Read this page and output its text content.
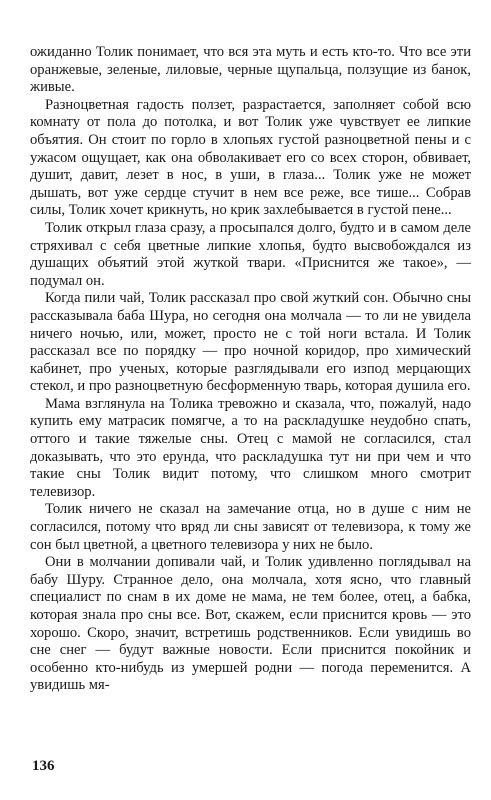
ожиданно Толик понимает, что вся эта муть и есть кто-то. Что все эти оранжевые, зеленые, лиловые, черные щупальца, ползущие из банок, живые.

Разноцветная гадость ползет, разрастается, заполняет собой всю комнату от пола до потолка, и вот Толик уже чувствует ее липкие объятия. Он стоит по горло в хлопьях густой разноцветной пены и с ужасом ощущает, как она обволакивает его со всех сторон, обвивает, душит, давит, лезет в нос, в уши, в глаза... Толик уже не может дышать, вот уже сердце стучит в нем все реже, все тише... Собрав силы, Толик хочет крикнуть, но крик захлебывается в густой пене...

Толик открыл глаза сразу, а просыпался долго, будто и в самом деле стряхивал с себя цветные липкие хлопья, будто высвобождался из душащих объятий этой жуткой твари. «Приснится же такое», — подумал он.

Когда пили чай, Толик рассказал про свой жуткий сон. Обычно сны рассказывала баба Шура, но сегодня она молчала — то ли не увидела ничего ночью, или, может, просто не с той ноги встала. И Толик рассказал все по порядку — про ночной коридор, про химический кабинет, про ученых, которые разглядывали его изпод мерцающих стекол, и про разноцветную бесформенную тварь, которая душила его.

Мама взглянула на Толика тревожно и сказала, что, пожалуй, надо купить ему матрасик помягче, а то на раскладушке неудобно спать, оттого и такие тяжелые сны. Отец с мамой не согласился, стал доказывать, что это ерунда, что раскладушка тут ни при чем и что такие сны Толик видит потому, что слишком много смотрит телевизор.

Толик ничего не сказал на замечание отца, но в душе с ним не согласился, потому что вряд ли сны зависят от телевизора, к тому же сон был цветной, а цветного телевизора у них не было.

Они в молчании допивали чай, и Толик удивленно поглядывал на бабу Шуру. Странное дело, она молчала, хотя ясно, что главный специалист по снам в их доме не мама, не тем более, отец, а бабка, которая знала про сны все. Вот, скажем, если приснится кровь — это хорошо. Скоро, значит, встретишь родственников. Если увидишь во сне снег — будут важные новости. Если приснится покойник и особенно кто-нибудь из умершей родни — погода переменится. А увидишь мя-

136
